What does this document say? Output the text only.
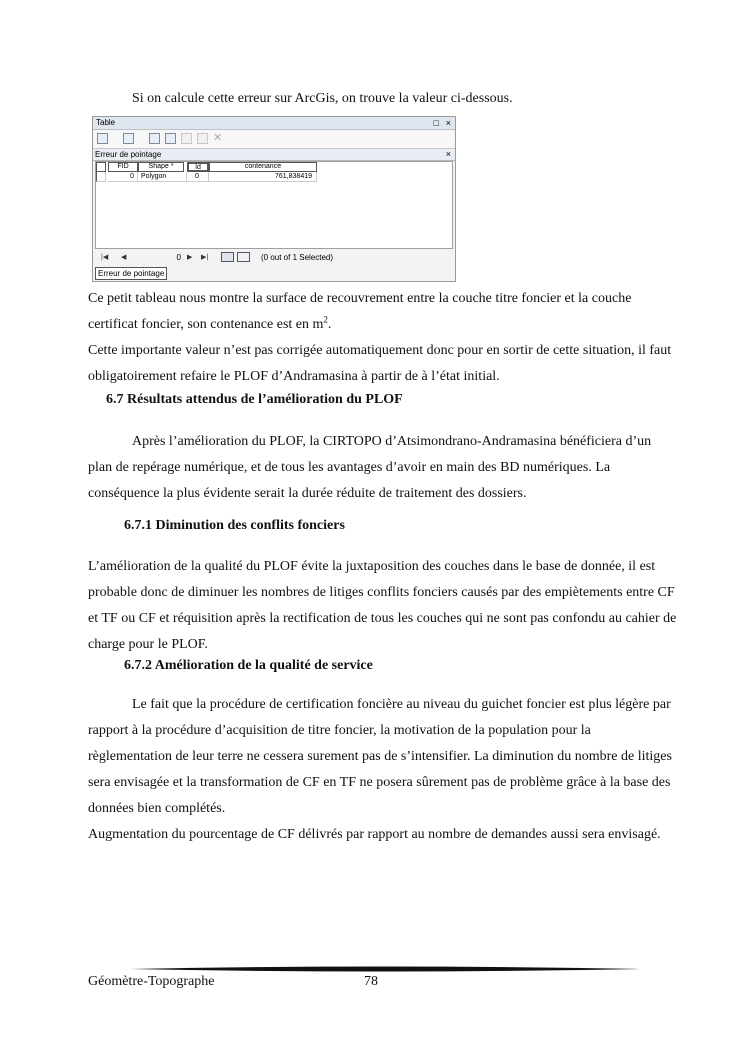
Si on calcule cette erreur sur ArcGis, on trouve la valeur ci-dessous.

Table	□ ×
✕
Erreur de pointage	×
FID	Shape *	Id	contenance
0	Polygon	0	761,838419
|◀ ◀	0 ▶ ▶|	(0 out of 1 Selected)
Erreur de pointage

Ce petit tableau nous montre la surface de recouvrement entre la couche titre foncier et la couche certificat foncier, son contenance est en $m^2$.

Cette importante valeur n’est pas corrigée automatiquement donc pour en sortir de cette situation, il faut obligatoirement refaire le PLOF d’Andramasina à partir de à l’état initial.

6.7 Résultats attendus de l’amélioration du PLOF

Après l’amélioration du PLOF, la CIRTOPO d’Atsimondrano-Andramasina bénéficiera d’un plan de repérage numérique, et de tous les avantages d’avoir en main des BD numériques. La conséquence la plus évidente serait la durée réduite de traitement des dossiers.

6.7.1 Diminution des conflits fonciers

L’amélioration de la qualité du PLOF évite la juxtaposition des couches dans le base de donnée, il est probable donc de diminuer les nombres de litiges conflits fonciers causés par des empiètements entre CF et TF ou CF et réquisition après la rectification de tous les couches qui ne sont pas confondu au cahier de charge pour le PLOF.

6.7.2 Amélioration de la qualité de service

Le fait que la procédure de certification foncière au niveau du guichet foncier est plus légère par rapport à la procédure d’acquisition de titre foncier, la motivation de la population pour la règlementation de leur terre ne cessera surement pas de s’intensifier. La diminution du nombre de litiges sera envisagée et la transformation de CF en TF ne posera sûrement pas de problème grâce à la base des données bien complétés.

Augmentation du pourcentage de CF délivrés par rapport au nombre de demandes aussi sera envisagé.

Géomètre-Topographe	78
